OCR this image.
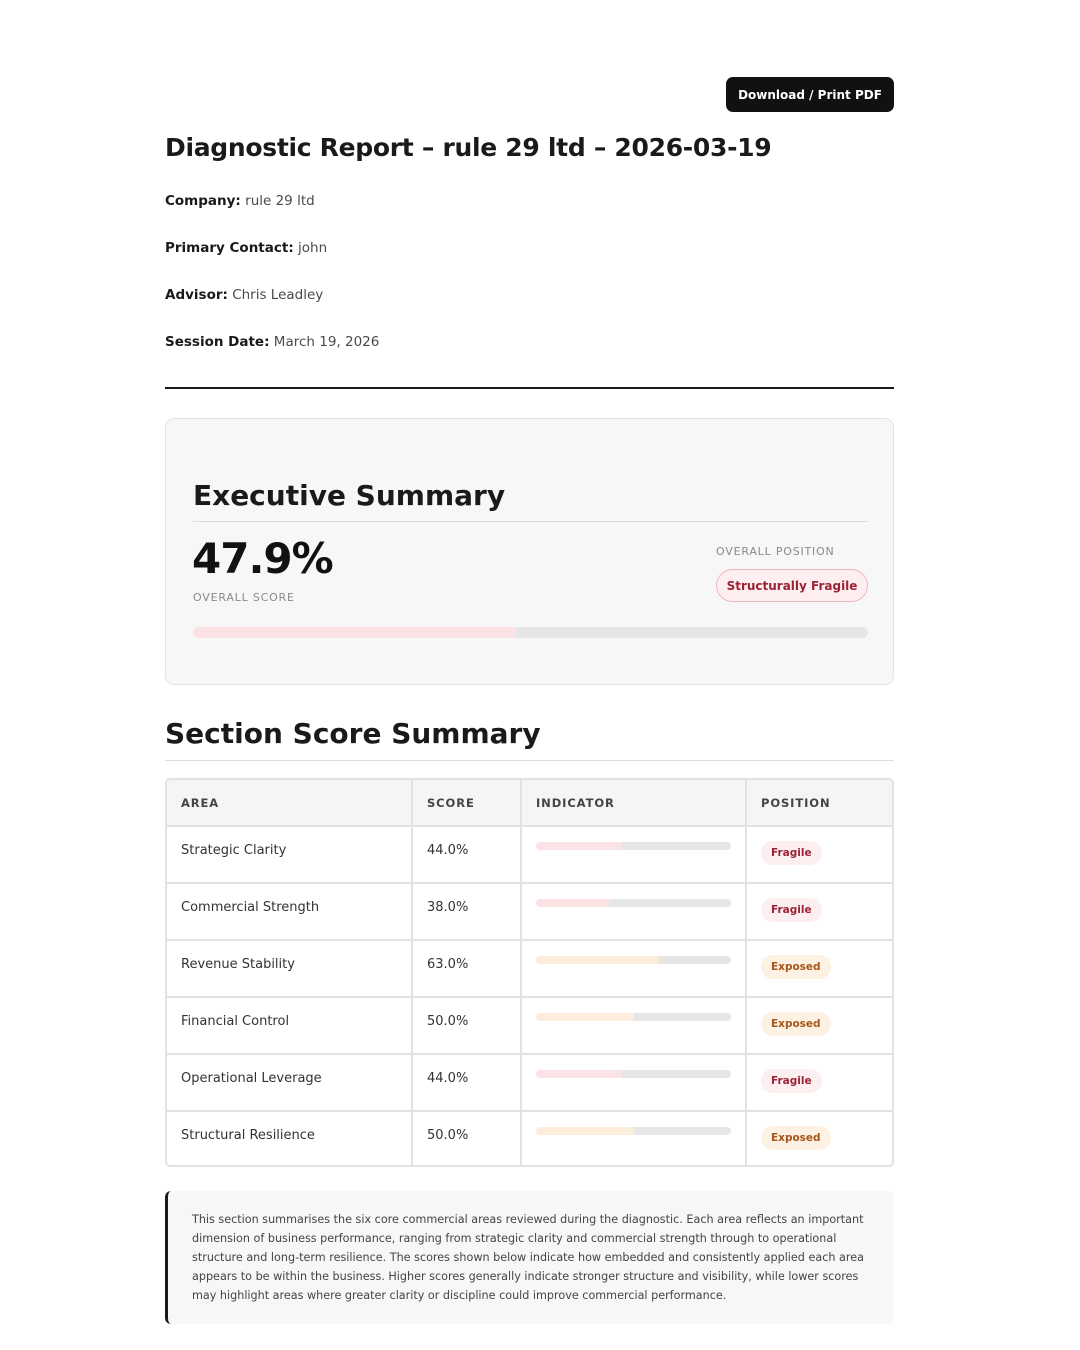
Download / Print PDF
Diagnostic Report – rule 29 ltd – 2026-03-19
Company: rule 29 ltd
Primary Contact: john
Advisor: Chris Leadley
Session Date: March 19, 2026
Executive Summary
47.9%
OVERALL SCORE
OVERALL POSITION
Structurally Fragile
Section Score Summary
AREA	SCORE	INDICATOR	POSITION
Strategic Clarity	44.0%		Fragile
Commercial Strength	38.0%		Fragile
Revenue Stability	63.0%		Exposed
Financial Control	50.0%		Exposed
Operational Leverage	44.0%		Fragile
Structural Resilience	50.0%		Exposed

This section summarises the six core commercial areas reviewed during the diagnostic. Each area reflects an important dimension of business performance, ranging from strategic clarity and commercial strength through to operational structure and long-term resilience. The scores shown below indicate how embedded and consistently applied each area appears to be within the business. Higher scores generally indicate stronger structure and visibility, while lower scores may highlight areas where greater clarity or discipline could improve commercial performance.
